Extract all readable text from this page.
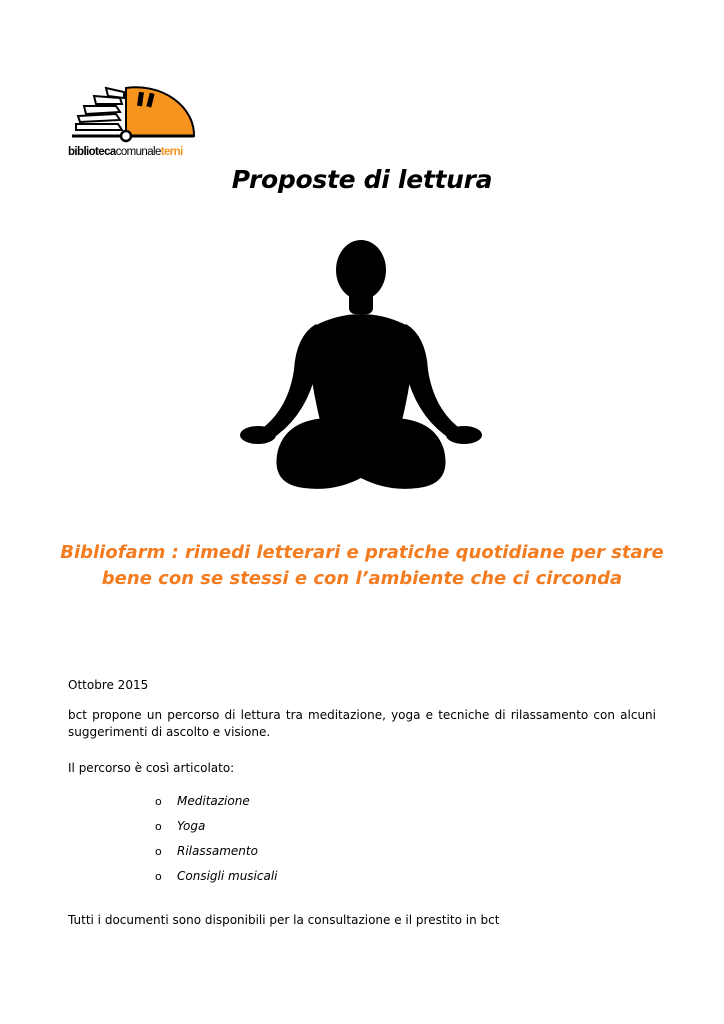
bibliotecacomunaleterni
Proposte di lettura
Bibliofarm : rimedi letterari e pratiche quotidiane per stare bene con se stessi e con l’ambiente che ci circonda
Ottobre 2015
bct propone un percorso di lettura tra meditazione, yoga e tecniche di rilassamento con alcuni suggerimenti di ascolto e visione.
Il percorso è così articolato:
o	Meditazione
o	Yoga
o	Rilassamento
o	Consigli musicali
Tutti i documenti sono disponibili per la consultazione e il prestito in bct
